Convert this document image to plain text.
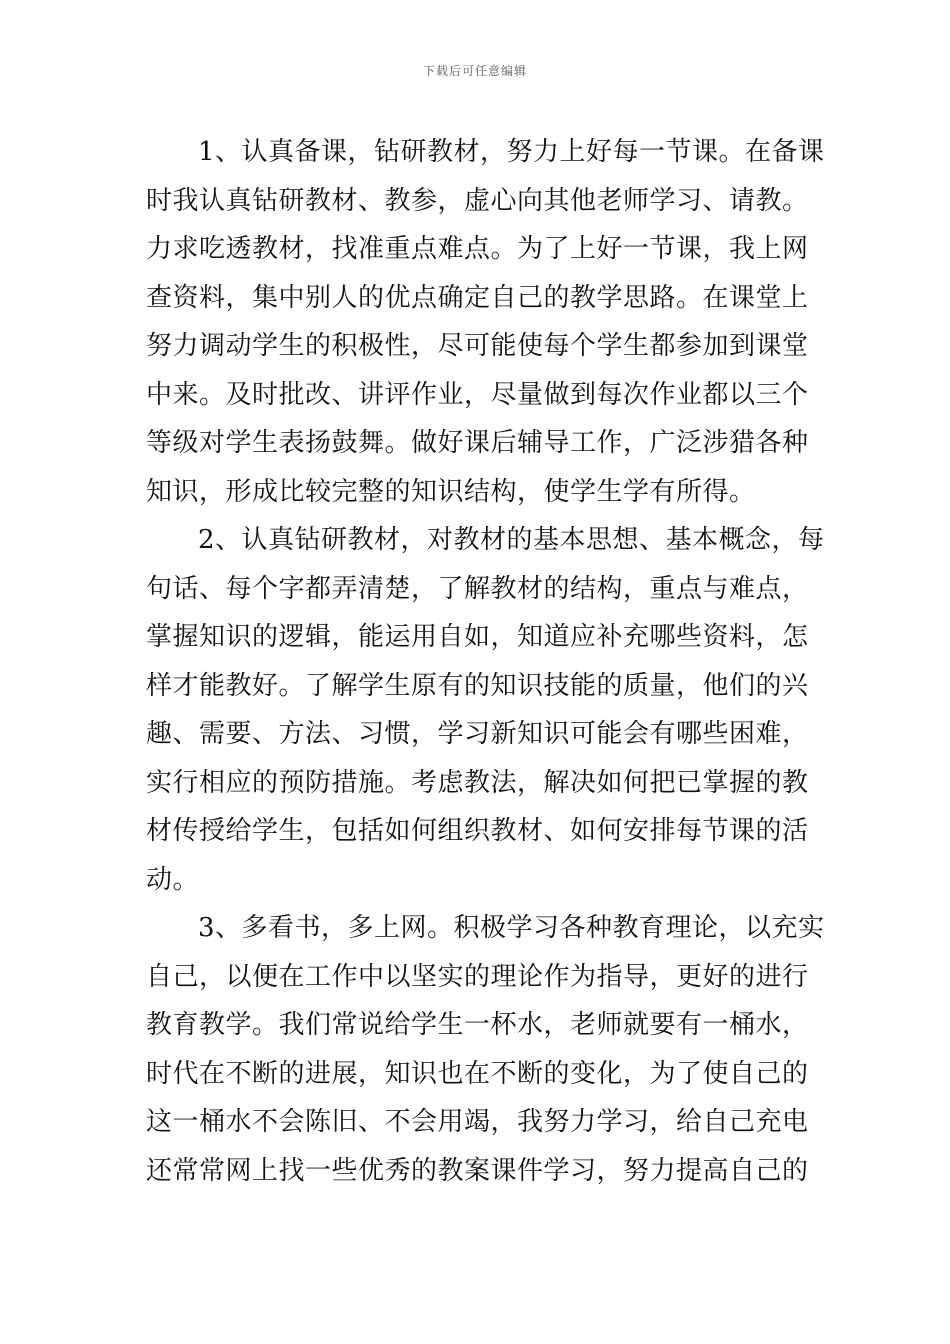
下载后可任意编辑
1、认真备课，钻研教材，努力上好每一节课。在备课
时我认真钻研教材、教参，虚心向其他老师学习、请教。
力求吃透教材，找准重点难点。为了上好一节课，我上网
查资料，集中别人的优点确定自己的教学思路。在课堂上
努力调动学生的积极性，尽可能使每个学生都参加到课堂
中来。及时批改、讲评作业，尽量做到每次作业都以三个
等级对学生表扬鼓舞。做好课后辅导工作，广泛涉猎各种
知识，形成比较完整的知识结构，使学生学有所得。
2、认真钻研教材，对教材的基本思想、基本概念，每
句话、每个字都弄清楚，了解教材的结构，重点与难点，
掌握知识的逻辑，能运用自如，知道应补充哪些资料，怎
样才能教好。了解学生原有的知识技能的质量，他们的兴
趣、需要、方法、习惯，学习新知识可能会有哪些困难，
实行相应的预防措施。考虑教法，解决如何把已掌握的教
材传授给学生，包括如何组织教材、如何安排每节课的活
动。
3、多看书，多上网。积极学习各种教育理论，以充实
自己，以便在工作中以坚实的理论作为指导，更好的进行
教育教学。我们常说给学生一杯水，老师就要有一桶水，
时代在不断的进展，知识也在不断的变化，为了使自己的
这一桶水不会陈旧、不会用竭，我努力学习，给自己充电
还常常网上找一些优秀的教案课件学习，努力提高自己的
